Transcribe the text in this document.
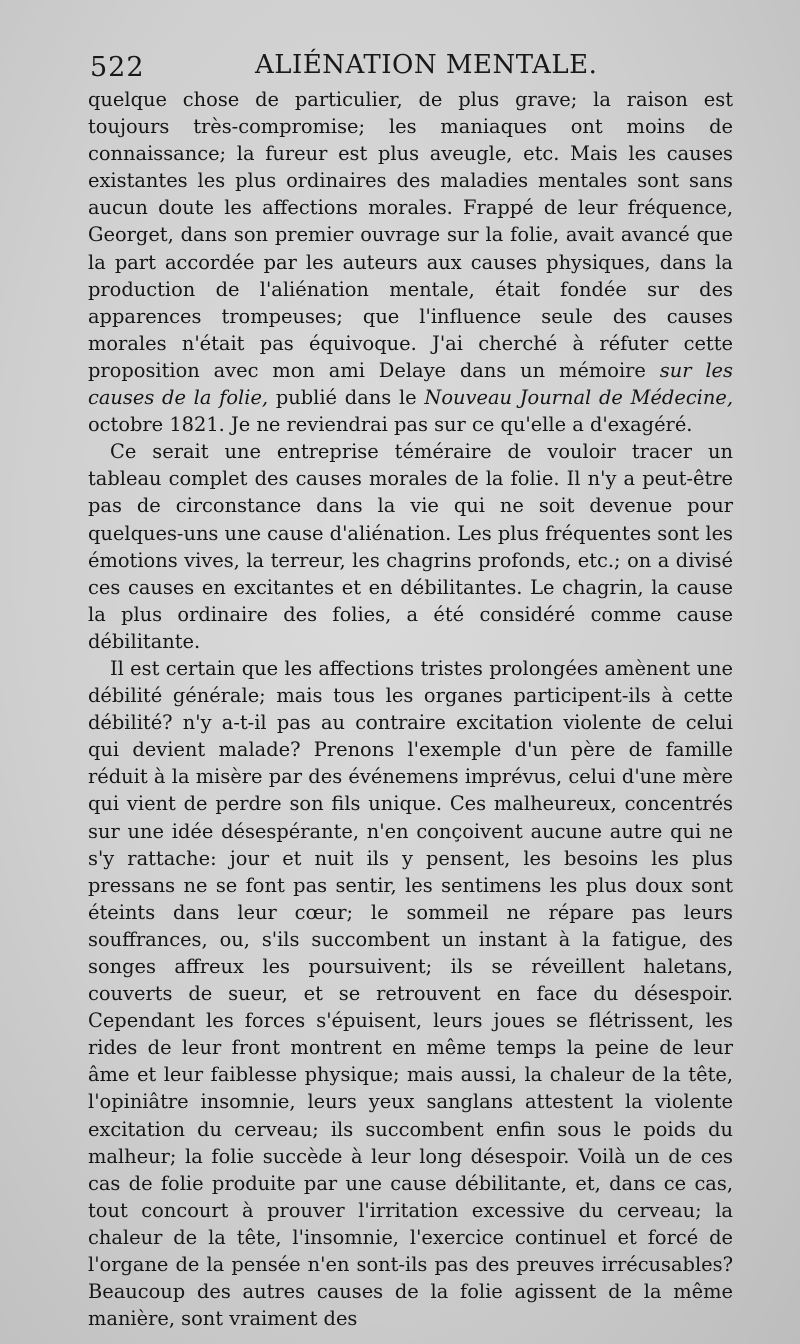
522	ALIÉNATION MENTALE.

quelque chose de particulier, de plus grave; la raison est toujours très-compromise; les maniaques ont moins de connaissance; la fureur est plus aveugle, etc. Mais les causes existantes les plus ordinaires des maladies mentales sont sans aucun doute les affections morales. Frappé de leur fréquence, Georget, dans son premier ouvrage sur la folie, avait avancé que la part accordée par les auteurs aux causes physiques, dans la production de l'aliénation mentale, était fondée sur des apparences trompeuses; que l'influence seule des causes morales n'était pas équivoque. J'ai cherché à réfuter cette proposition avec mon ami Delaye dans un mémoire sur les causes de la folie, publié dans le Nouveau Journal de Médecine, octobre 1821. Je ne reviendrai pas sur ce qu'elle a d'exagéré.

Ce serait une entreprise téméraire de vouloir tracer un tableau complet des causes morales de la folie. Il n'y a peut-être pas de circonstance dans la vie qui ne soit devenue pour quelques-uns une cause d'aliénation. Les plus fréquentes sont les émotions vives, la terreur, les chagrins profonds, etc.; on a divisé ces causes en excitantes et en débilitantes. Le chagrin, la cause la plus ordinaire des folies, a été considéré comme cause débilitante.

Il est certain que les affections tristes prolongées amènent une débilité générale; mais tous les organes participent-ils à cette débilité? n'y a-t-il pas au contraire excitation violente de celui qui devient malade? Prenons l'exemple d'un père de famille réduit à la misère par des événemens imprévus, celui d'une mère qui vient de perdre son fils unique. Ces malheureux, concentrés sur une idée désespérante, n'en conçoivent aucune autre qui ne s'y rattache: jour et nuit ils y pensent, les besoins les plus pressans ne se font pas sentir, les sentimens les plus doux sont éteints dans leur cœur; le sommeil ne répare pas leurs souffrances, ou, s'ils succombent un instant à la fatigue, des songes affreux les poursuivent; ils se réveillent haletans, couverts de sueur, et se retrouvent en face du désespoir. Cependant les forces s'épuisent, leurs joues se flétrissent, les rides de leur front montrent en même temps la peine de leur âme et leur faiblesse physique; mais aussi, la chaleur de la tête, l'opiniâtre insomnie, leurs yeux sanglans attestent la violente excitation du cerveau; ils succombent enfin sous le poids du malheur; la folie succède à leur long désespoir. Voilà un de ces cas de folie produite par une cause débilitante, et, dans ce cas, tout concourt à prouver l'irritation excessive du cerveau; la chaleur de la tête, l'insomnie, l'exercice continuel et forcé de l'organe de la pensée n'en sont-ils pas des preuves irrécusables? Beaucoup des autres causes de la folie agissent de la même manière, sont vraiment des
